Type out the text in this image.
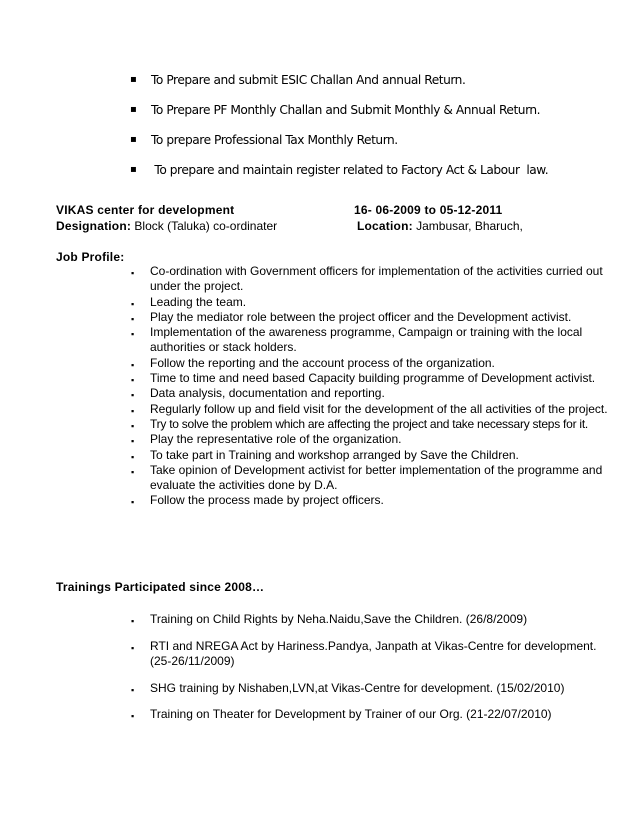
▪ To Prepare and submit ESIC Challan And annual Return.
▪ To Prepare PF Monthly Challan and Submit Monthly & Annual Return.
▪ To prepare Professional Tax Monthly Return.
▪ To prepare and maintain register related to Factory Act & Labour  law.
VIKAS center for development	16- 06-2009 to 05-12-2011
Designation: Block (Taluka) co-ordinater	Location: Jambusar, Bharuch,
Job Profile:
▪ Co-ordination with Government officers for implementation of the activities curried out under the project.
▪ Leading the team.
▪ Play the mediator role between the project officer and the Development activist.
▪ Implementation of the awareness programme, Campaign or training with the local authorities or stack holders.
▪ Follow the reporting and the account process of the organization.
▪ Time to time and need based Capacity building programme of Development activist.
▪ Data analysis, documentation and reporting.
▪ Regularly follow up and field visit for the development of the all activities of the project.
▪ Try to solve the problem which are affecting the project and take necessary steps for it.
▪ Play the representative role of the organization.
▪ To take part in Training and workshop arranged by Save the Children.
▪ Take opinion of Development activist for better implementation of the programme and evaluate the activities done by D.A.
▪ Follow the process made by project officers.
Trainings Participated since 2008…
▪ Training on Child Rights by Neha.Naidu,Save the Children. (26/8/2009)
▪ RTI and NREGA Act by Hariness.Pandya, Janpath at Vikas-Centre for development. (25-26/11/2009)
▪ SHG training by Nishaben,LVN,at Vikas-Centre for development. (15/02/2010)
▪ Training on Theater for Development by Trainer of our Org. (21-22/07/2010)
